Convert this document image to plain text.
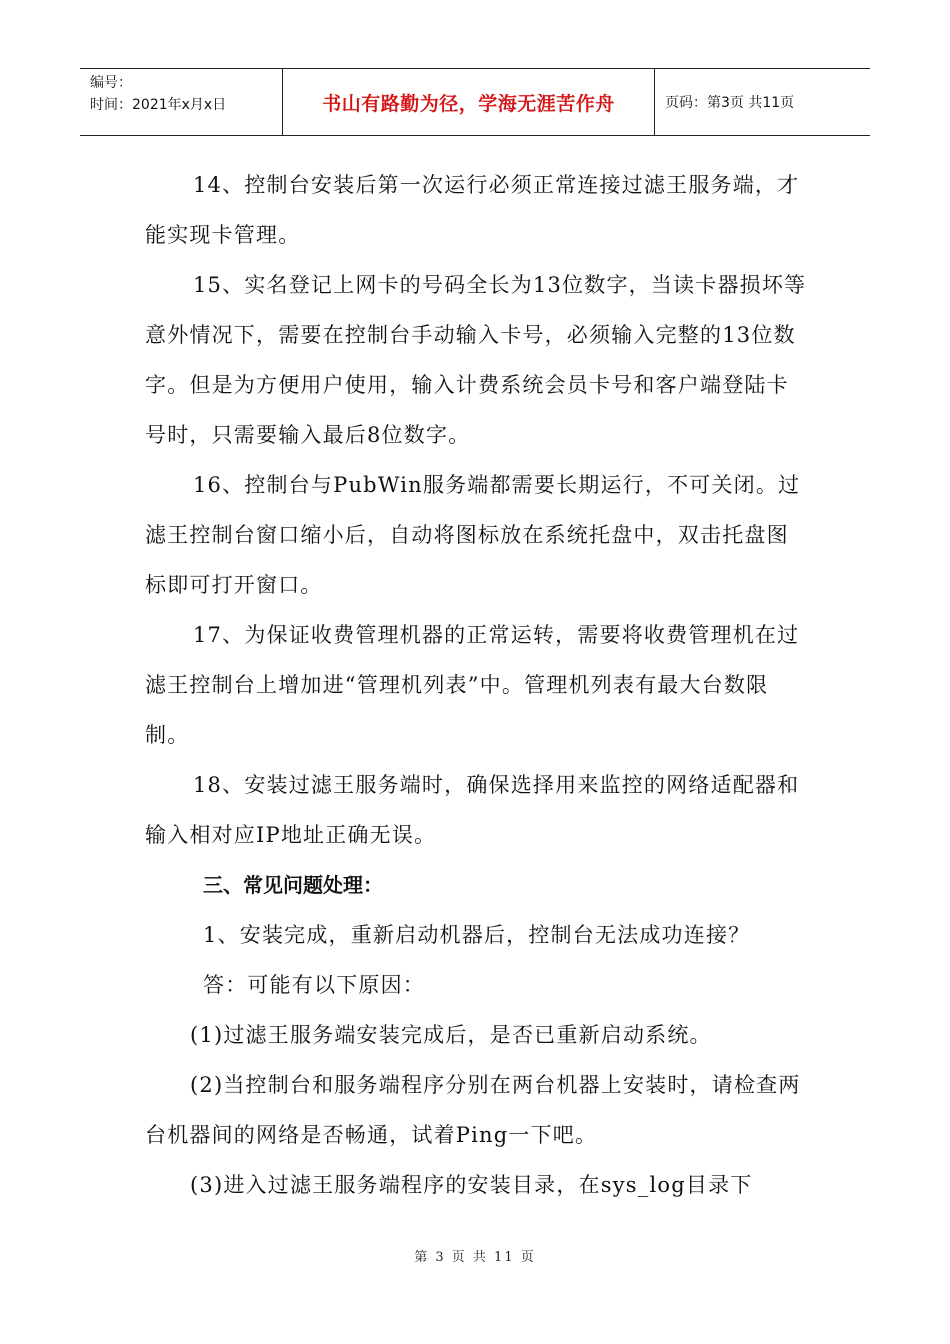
编号：
时间：2021年x月x日	书山有路勤为径，学海无涯苦作舟	页码：第3页 共11页

14、控制台安装后第一次运行必须正常连接过滤王服务端，才能实现卡管理。

15、实名登记上网卡的号码全长为13位数字，当读卡器损坏等意外情况下，需要在控制台手动输入卡号，必须输入完整的13位数字。但是为方便用户使用，输入计费系统会员卡号和客户端登陆卡号时，只需要输入最后8位数字。

16、控制台与PubWin服务端都需要长期运行，不可关闭。过滤王控制台窗口缩小后，自动将图标放在系统托盘中，双击托盘图标即可打开窗口。

17、为保证收费管理机器的正常运转，需要将收费管理机在过滤王控制台上增加进“管理机列表”中。管理机列表有最大台数限制。

18、安装过滤王服务端时，确保选择用来监控的网络适配器和输入相对应IP地址正确无误。

三、常见问题处理：

1、安装完成，重新启动机器后，控制台无法成功连接？

答：可能有以下原因：

(1)过滤王服务端安装完成后，是否已重新启动系统。

(2)当控制台和服务端程序分别在两台机器上安装时，请检查两台机器间的网络是否畅通，试着Ping一下吧。

(3)进入过滤王服务端程序的安装目录，在sys_log目录下

第 3 页 共 11 页
